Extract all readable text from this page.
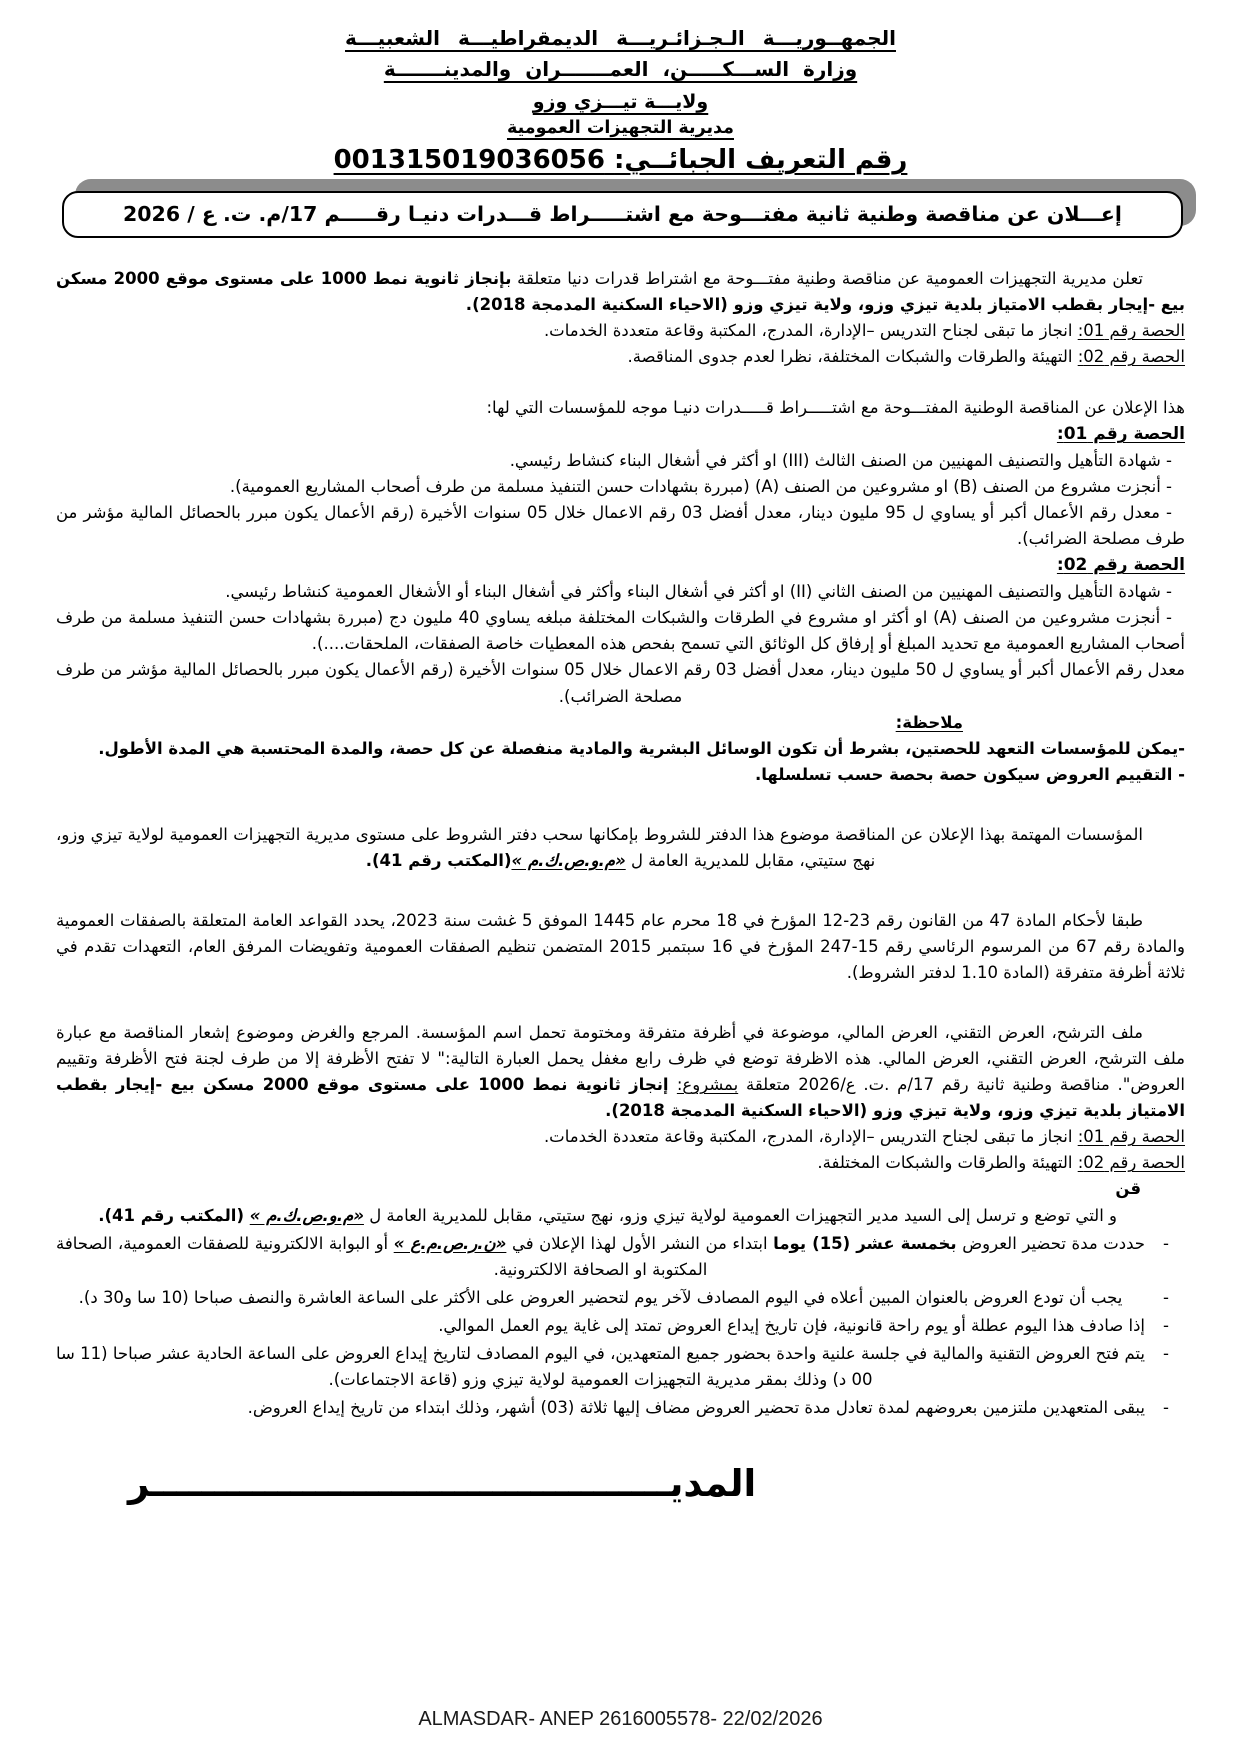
الجمهــوريـــة الـجـزائـريـــة الديمقراطيـــة الشعبيـــة
وزارة الســـكـــــن، العمـــــــران والمدينـــــــة
ولايـــة تيـــزي وزو
مديرية التجهيزات العمومية
رقم التعريف الجبائــي: 001315019036056
إعـــلان عن مناقصة وطنية ثانية مفتـــوحة مع اشتـــــراط قـــدرات دنيـا رقـــــم 17/م. ت. ع / 2026

تعلن مديرية التجهيزات العمومية عن مناقصة وطنية مفتـــوحة مع اشتراط قدرات دنيا متعلقة بإنجاز ثانوية نمط 1000 على مستوى موقع 2000 مسكن بيع -إيجار بقطب الامتياز بلدية تيزي وزو، ولاية تيزي وزو (الاحياء السكنية المدمجة 2018).

الحصة رقم 01: انجاز ما تبقى لجناح التدريس –الإدارة، المدرج، المكتبة وقاعة متعددة الخدمات.

الحصة رقم 02: التهيئة والطرقات والشبكات المختلفة، نظرا لعدم جدوى المناقصة.

هذا الإعلان عن المناقصة الوطنية المفتـــوحة مع اشتـــــراط قـــــدرات دنيـا موجه للمؤسسات التي لها:

الحصة رقم 01:

- شهادة التأهيل والتصنيف المهنيين من الصنف الثالث (III) او أكثر في أشغال البناء كنشاط رئيسي.

- أنجزت مشروع من الصنف (B) او مشروعين من الصنف (A) (مبررة بشهادات حسن التنفيذ مسلمة من طرف أصحاب المشاريع العمومية).

- معدل رقم الأعمال أكبر أو يساوي ل 95 مليون دينار، معدل أفضل 03 رقم الاعمال خلال 05 سنوات الأخيرة (رقم الأعمال يكون مبرر بالحصائل المالية مؤشر من طرف مصلحة الضرائب).

الحصة رقم 02:

- شهادة التأهيل والتصنيف المهنيين من الصنف الثاني (II) او أكثر في أشغال البناء وأكثر في أشغال البناء أو الأشغال العمومية كنشاط رئيسي.

- أنجزت مشروعين من الصنف (A) او أكثر او مشروع في الطرقات والشبكات المختلفة مبلغه يساوي 40 مليون دج (مبررة بشهادات حسن التنفيذ مسلمة من طرف أصحاب المشاريع العمومية مع تحديد المبلغ أو إرفاق كل الوثائق التي تسمح بفحص هذه المعطيات خاصة الصفقات، الملحقات....).

معدل رقم الأعمال أكبر أو يساوي ل 50 مليون دينار، معدل أفضل 03 رقم الاعمال خلال 05 سنوات الأخيرة (رقم الأعمال يكون مبرر بالحصائل المالية مؤشر من طرف مصلحة الضرائب).

ملاحظة:

-يمكن للمؤسسات التعهد للحصتين، بشرط أن تكون الوسائل البشرية والمادية منفصلة عن كل حصة، والمدة المحتسبة هي المدة الأطول.

- التقييم العروض سيكون حصة بحصة حسب تسلسلها.

المؤسسات المهتمة بهذا الإعلان عن المناقصة موضوع هذا الدفتر للشروط بإمكانها سحب دفتر الشروط على مستوى مديرية التجهيزات العمومية لولاية تيزي وزو، نهج ستيتي، مقابل للمديرية العامة ل «م.و.ص.ك.م »(المكتب رقم 41).

طبقا لأحكام المادة 47 من القانون رقم 23-12 المؤرخ في 18 محرم عام 1445 الموفق 5 غشت سنة 2023، يحدد القواعد العامة المتعلقة بالصفقات العمومية والمادة رقم 67 من المرسوم الرئاسي رقم 15-247 المؤرخ في 16 سبتمبر 2015 المتضمن تنظيم الصفقات العمومية وتفويضات المرفق العام، التعهدات تقدم في ثلاثة أظرفة متفرقة (المادة 1.10 لدفتر الشروط).

ملف الترشح، العرض التقني، العرض المالي، موضوعة في أظرفة متفرقة ومختومة تحمل اسم المؤسسة. المرجع والغرض وموضوع إشعار المناقصة مع عبارة ملف الترشح، العرض التقني، العرض المالي. هذه الاظرفة توضع في ظرف رابع مغفل يحمل العبارة التالية:" لا تفتح الأظرفة إلا من طرف لجنة فتح الأظرفة وتقييم العروض". مناقصة وطنية ثانية رقم 17/م .ت. ع/2026 متعلقة بمشروع: إنجاز ثانوية نمط 1000 على مستوى موقع 2000 مسكن بيع -إيجار بقطب الامتياز بلدية تيزي وزو، ولاية تيزي وزو (الاحياء السكنية المدمجة 2018).

الحصة رقم 01: انجاز ما تبقى لجناح التدريس –الإدارة، المدرج، المكتبة وقاعة متعددة الخدمات.

الحصة رقم 02: التهيئة والطرقات والشبكات المختلفة.

قن

و التي توضع و ترسل إلى السيد مدير التجهيزات العمومية لولاية تيزي وزو، نهج ستيتي، مقابل للمديرية العامة ل «م.و.ص.ك.م » (المكتب رقم 41).

-

حددت مدة تحضير العروض بخمسة عشر (15) يوما ابتداء من النشر الأول لهذا الإعلان في «ن.ر.ص.م.ع » أو البوابة الالكترونية للصفقات العمومية، الصحافة المكتوبة او الصحافة الالكترونية.

-

يجب أن تودع العروض بالعنوان المبين أعلاه في اليوم المصادف لآخر يوم لتحضير العروض على الأكثر على الساعة العاشرة والنصف صباحا (10 سا و30 د).

-

إذا صادف هذا اليوم عطلة أو يوم راحة قانونية، فإن تاريخ إيداع العروض تمتد إلى غاية يوم العمل الموالي.

-

يتم فتح العروض التقنية والمالية في جلسة علنية واحدة بحضور جميع المتعهدين، في اليوم المصادف لتاريخ إيداع العروض على الساعة الحادية عشر صباحا (11 سا 00 د) وذلك بمقر مديرية التجهيزات العمومية لولاية تيزي وزو (قاعة الاجتماعات).

-

يبقى المتعهدين ملتزمين بعروضهم لمدة تعادل مدة تحضير العروض مضاف إليها ثلاثة (03) أشهر، وذلك ابتداء من تاريخ إيداع العروض.

المديـــــــــــــــــــــــــــــــــــــــــر
ALMASDAR- ANEP 2616005578- 22/02/2026
